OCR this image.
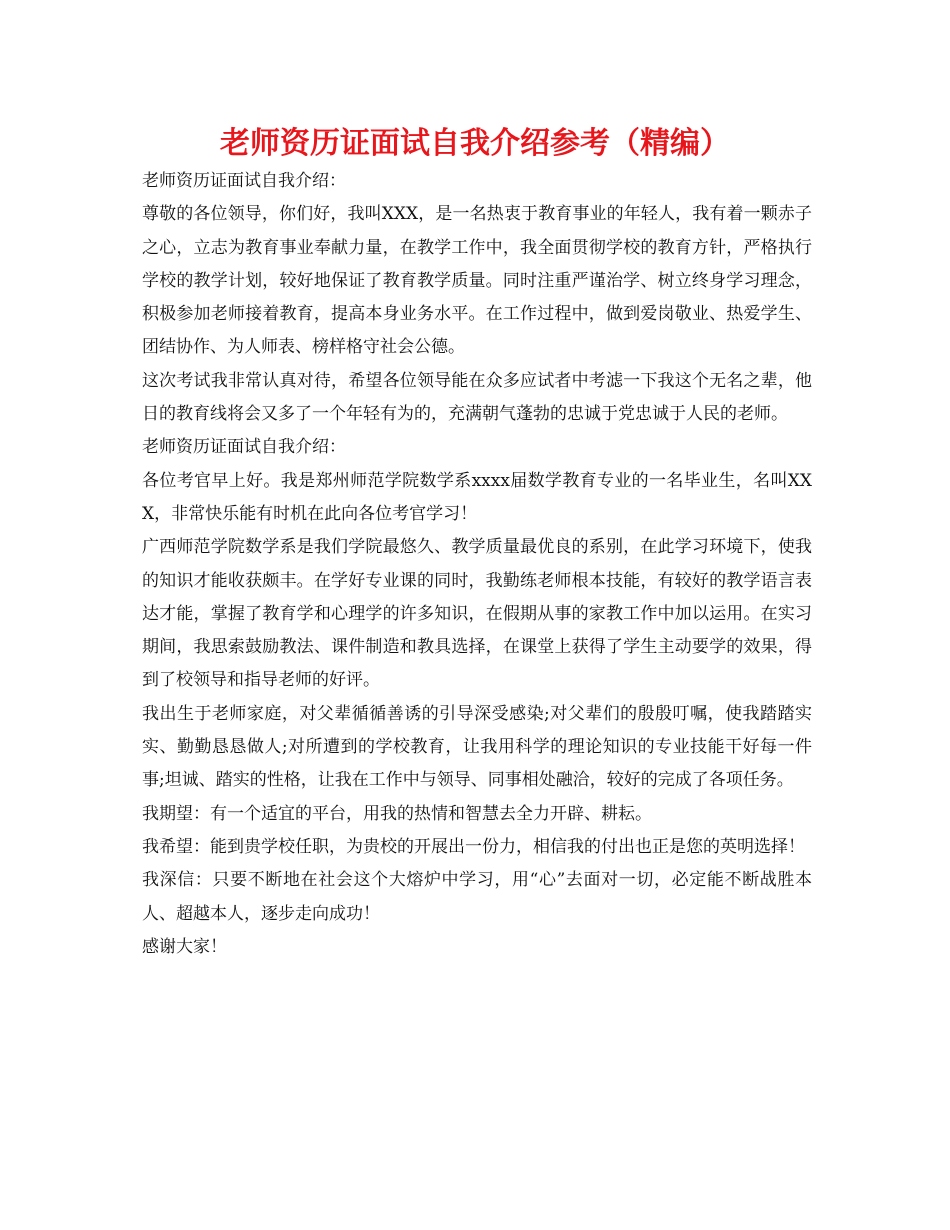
老师资历证面试自我介绍参考（精编）

老师资历证面试自我介绍：

尊敬的各位领导，你们好，我叫XXX，是一名热衷于教育事业的年轻人，我有着一颗赤子之心，立志为教育事业奉献力量，在教学工作中，我全面贯彻学校的教育方针，严格执行学校的教学计划，较好地保证了教育教学质量。同时注重严谨治学、树立终身学习理念，积极参加老师接着教育，提高本身业务水平。在工作过程中，做到爱岗敬业、热爱学生、团结协作、为人师表、榜样格守社会公德。

这次考试我非常认真对待，希望各位领导能在众多应试者中考滤一下我这个无名之辈，他日的教育线将会又多了一个年轻有为的，充满朝气蓬勃的忠诚于党忠诚于人民的老师。

老师资历证面试自我介绍：

各位考官早上好。我是郑州师范学院数学系xxxx届数学教育专业的一名毕业生，名叫XXX，非常快乐能有时机在此向各位考官学习！

广西师范学院数学系是我们学院最悠久、教学质量最优良的系别，在此学习环境下，使我的知识才能收获颇丰。在学好专业课的同时，我勤练老师根本技能，有较好的教学语言表达才能，掌握了教育学和心理学的许多知识，在假期从事的家教工作中加以运用。在实习期间，我思索鼓励教法、课件制造和教具选择，在课堂上获得了学生主动要学的效果，得到了校领导和指导老师的好评。

我出生于老师家庭，对父辈循循善诱的引导深受感染;对父辈们的殷殷叮嘱，使我踏踏实实、勤勤恳恳做人;对所遭到的学校教育，让我用科学的理论知识的专业技能干好每一件事;坦诚、踏实的性格，让我在工作中与领导、同事相处融洽，较好的完成了各项任务。

我期望：有一个适宜的平台，用我的热情和智慧去全力开辟、耕耘。

我希望：能到贵学校任职，为贵校的开展出一份力，相信我的付出也正是您的英明选择！

我深信：只要不断地在社会这个大熔炉中学习，用“心”去面对一切，必定能不断战胜本人、超越本人，逐步走向成功！

感谢大家！
